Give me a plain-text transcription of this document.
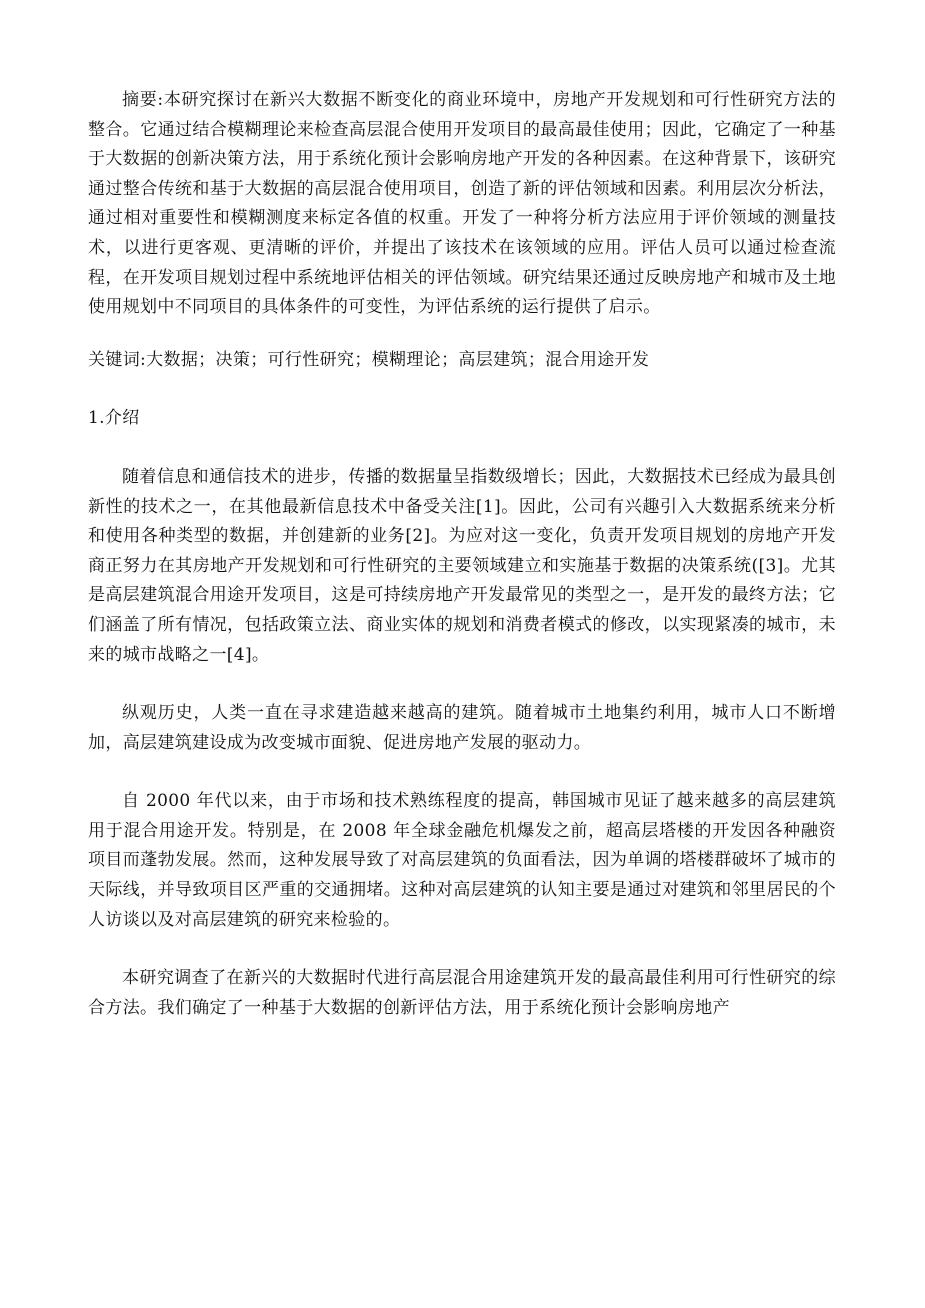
摘要:本研究探讨在新兴大数据不断变化的商业环境中，房地产开发规划和可行性研究方法的整合。它通过结合模糊理论来检查高层混合使用开发项目的最高最佳使用；因此，它确定了一种基于大数据的创新决策方法，用于系统化预计会影响房地产开发的各种因素。在这种背景下，该研究通过整合传统和基于大数据的高层混合使用项目，创造了新的评估领域和因素。利用层次分析法，通过相对重要性和模糊测度来标定各值的权重。开发了一种将分析方法应用于评价领域的测量技术，以进行更客观、更清晰的评价，并提出了该技术在该领域的应用。评估人员可以通过检查流程，在开发项目规划过程中系统地评估相关的评估领域。研究结果还通过反映房地产和城市及土地使用规划中不同项目的具体条件的可变性，为评估系统的运行提供了启示。

关键词:大数据；决策；可行性研究；模糊理论；高层建筑；混合用途开发

1.介绍

随着信息和通信技术的进步，传播的数据量呈指数级增长；因此，大数据技术已经成为最具创新性的技术之一，在其他最新信息技术中备受关注[1]。因此，公司有兴趣引入大数据系统来分析和使用各种类型的数据，并创建新的业务[2]。为应对这一变化，负责开发项目规划的房地产开发商正努力在其房地产开发规划和可行性研究的主要领域建立和实施基于数据的决策系统([3]。尤其是高层建筑混合用途开发项目，这是可持续房地产开发最常见的类型之一，是开发的最终方法；它们涵盖了所有情况，包括政策立法、商业实体的规划和消费者模式的修改，以实现紧凑的城市，未来的城市战略之一[4]。

纵观历史，人类一直在寻求建造越来越高的建筑。随着城市土地集约利用，城市人口不断增加，高层建筑建设成为改变城市面貌、促进房地产发展的驱动力。

自 2000 年代以来，由于市场和技术熟练程度的提高，韩国城市见证了越来越多的高层建筑用于混合用途开发。特别是，在 2008 年全球金融危机爆发之前，超高层塔楼的开发因各种融资项目而蓬勃发展。然而，这种发展导致了对高层建筑的负面看法，因为单调的塔楼群破坏了城市的天际线，并导致项目区严重的交通拥堵。这种对高层建筑的认知主要是通过对建筑和邻里居民的个人访谈以及对高层建筑的研究来检验的。

本研究调查了在新兴的大数据时代进行高层混合用途建筑开发的最高最佳利用可行性研究的综合方法。我们确定了一种基于大数据的创新评估方法，用于系统化预计会影响房地产
